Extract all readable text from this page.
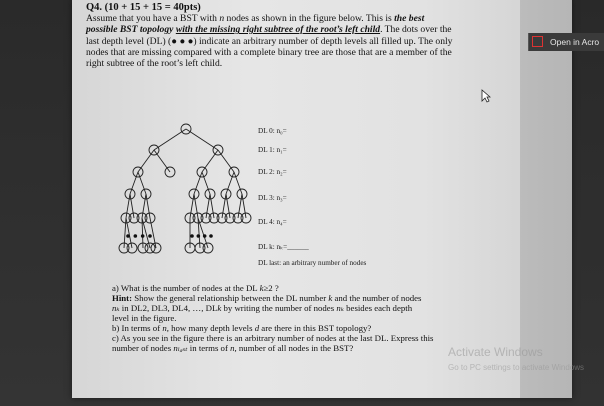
Open in Acro
Q4. (10 + 15 + 15 = 40pts)
Assume that you have a BST with n nodes as shown in the figure below. This is the best
possible BST topology with the missing right subtree of the root’s left child. The dots over the
last depth level (DL) (● ● ●) indicate an arbitrary number of depth levels all filled up. The only
nodes that are missing compared with a complete binary tree are those that are a member of the
right subtree of the root’s left child.
DL 0: n₀=
DL 1: n₁=
DL 2: n₂=
DL 3: n₃=
DL 4: n₄=
DL k: nₖ=______
DL last: an arbitrary number of nodes
a) What is the number of nodes at the DL k≥2 ?
Hint: Show the general relationship between the DL number k and the number of nodes
nₖ in DL2, DL3, DL4, …, DLk by writing the number of nodes nₖ besides each depth
level in the figure.
b) In terms of n, how many depth levels d are there in this BST topology?
c) As you see in the figure there is an arbitrary number of nodes at the last DL. Express this
number of nodes nₗₐₛₜ in terms of n, number of all nodes in the BST?	Activate Windows
Go to PC settings to activate Windows
